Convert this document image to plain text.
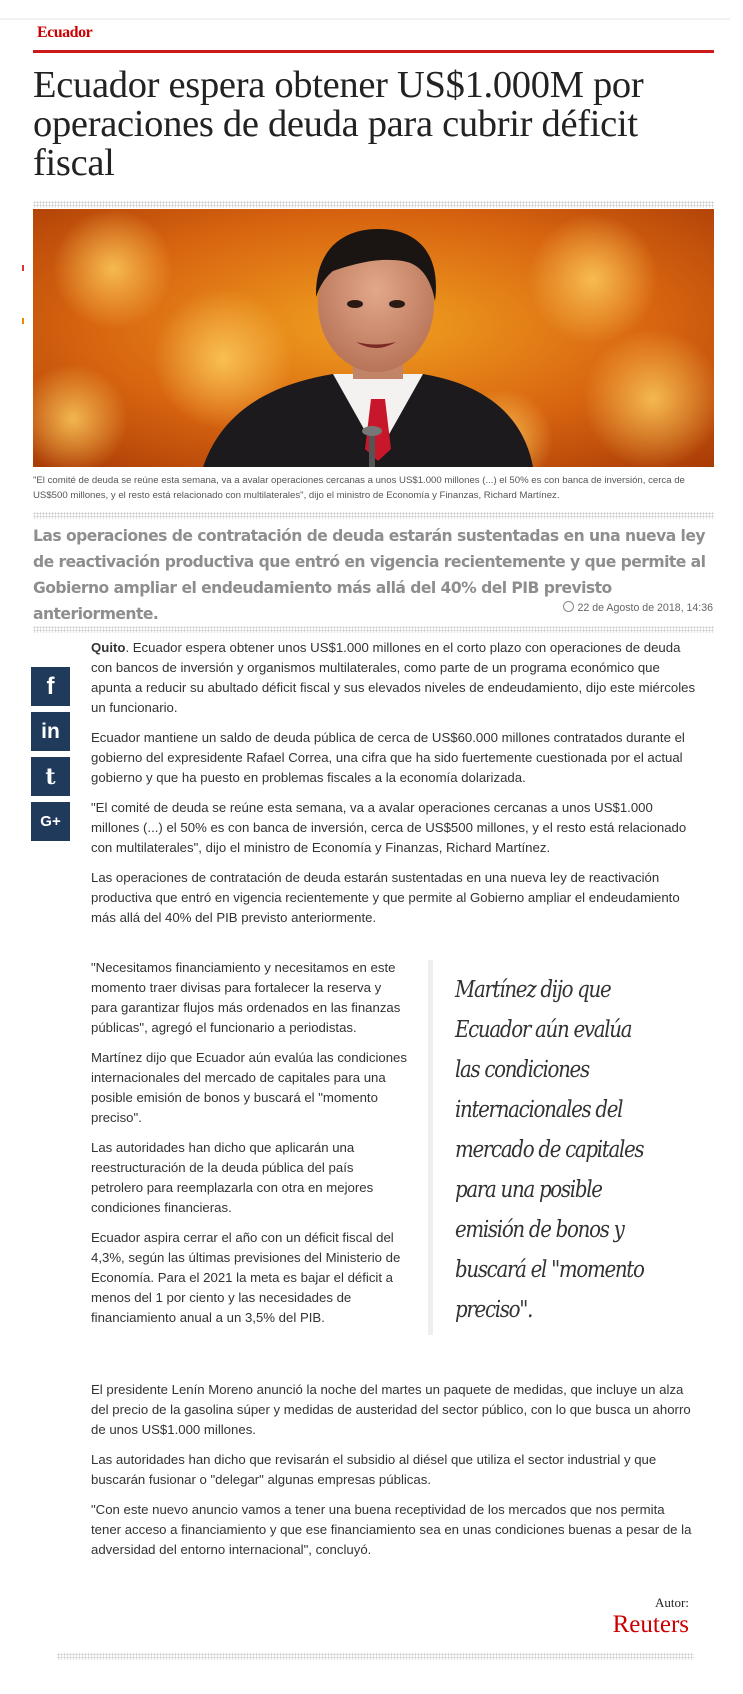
Ecuador
Ecuador espera obtener US$1.000M por operaciones de deuda para cubrir déficit fiscal
"El comité de deuda se reúne esta semana, va a avalar operaciones cercanas a unos US$1.000 millones (...) el 50% es con banca de inversión, cerca de US$500 millones, y el resto está relacionado con multilaterales", dijo el ministro de Economía y Finanzas, Richard Martínez.
Las operaciones de contratación de deuda estarán sustentadas en una nueva ley de reactivación productiva que entró en vigencia recientemente y que permite al Gobierno ampliar el endeudamiento más allá del 40% del PIB previsto anteriormente.	22 de Agosto de 2018, 14:36
f
in
t
G+

Quito. Ecuador espera obtener unos US$1.000 millones en el corto plazo con operaciones de deuda con bancos de inversión y organismos multilaterales, como parte de un programa económico que apunta a reducir su abultado déficit fiscal y sus elevados niveles de endeudamiento, dijo este miércoles un funcionario.

Ecuador mantiene un saldo de deuda pública de cerca de US$60.000 millones contratados durante el gobierno del expresidente Rafael Correa, una cifra que ha sido fuertemente cuestionada por el actual gobierno y que ha puesto en problemas fiscales a la economía dolarizada.

"El comité de deuda se reúne esta semana, va a avalar operaciones cercanas a unos US$1.000 millones (...) el 50% es con banca de inversión, cerca de US$500 millones, y el resto está relacionado con multilaterales", dijo el ministro de Economía y Finanzas, Richard Martínez.

Las operaciones de contratación de deuda estarán sustentadas en una nueva ley de reactivación productiva que entró en vigencia recientemente y que permite al Gobierno ampliar el endeudamiento más allá del 40% del PIB previsto anteriormente.

"Necesitamos financiamiento y necesitamos en este momento traer divisas para fortalecer la reserva y para garantizar flujos más ordenados en las finanzas públicas", agregó el funcionario a periodistas.

Martínez dijo que Ecuador aún evalúa las condiciones internacionales del mercado de capitales para una posible emisión de bonos y buscará el "momento preciso".

Las autoridades han dicho que aplicarán una reestructuración de la deuda pública del país petrolero para reemplazarla con otra en mejores condiciones financieras.

Ecuador aspira cerrar el año con un déficit fiscal del 4,3%, según las últimas previsiones del Ministerio de Economía. Para el 2021 la meta es bajar el déficit a menos del 1 por ciento y las necesidades de financiamiento anual a un 3,5% del PIB.

Martínez dijo que Ecuador aún evalúa las condiciones internacionales del mercado de capitales para una posible emisión de bonos y buscará el "momento preciso".

El presidente Lenín Moreno anunció la noche del martes un paquete de medidas, que incluye un alza del precio de la gasolina súper y medidas de austeridad del sector público, con lo que busca un ahorro de unos US$1.000 millones.

Las autoridades han dicho que revisarán el subsidio al diésel que utiliza el sector industrial y que buscarán fusionar o "delegar" algunas empresas públicas.

"Con este nuevo anuncio vamos a tener una buena receptividad de los mercados que nos permita tener acceso a financiamiento y que ese financiamiento sea en unas condiciones buenas a pesar de la adversidad del entorno internacional", concluyó.

Autor:
Reuters
